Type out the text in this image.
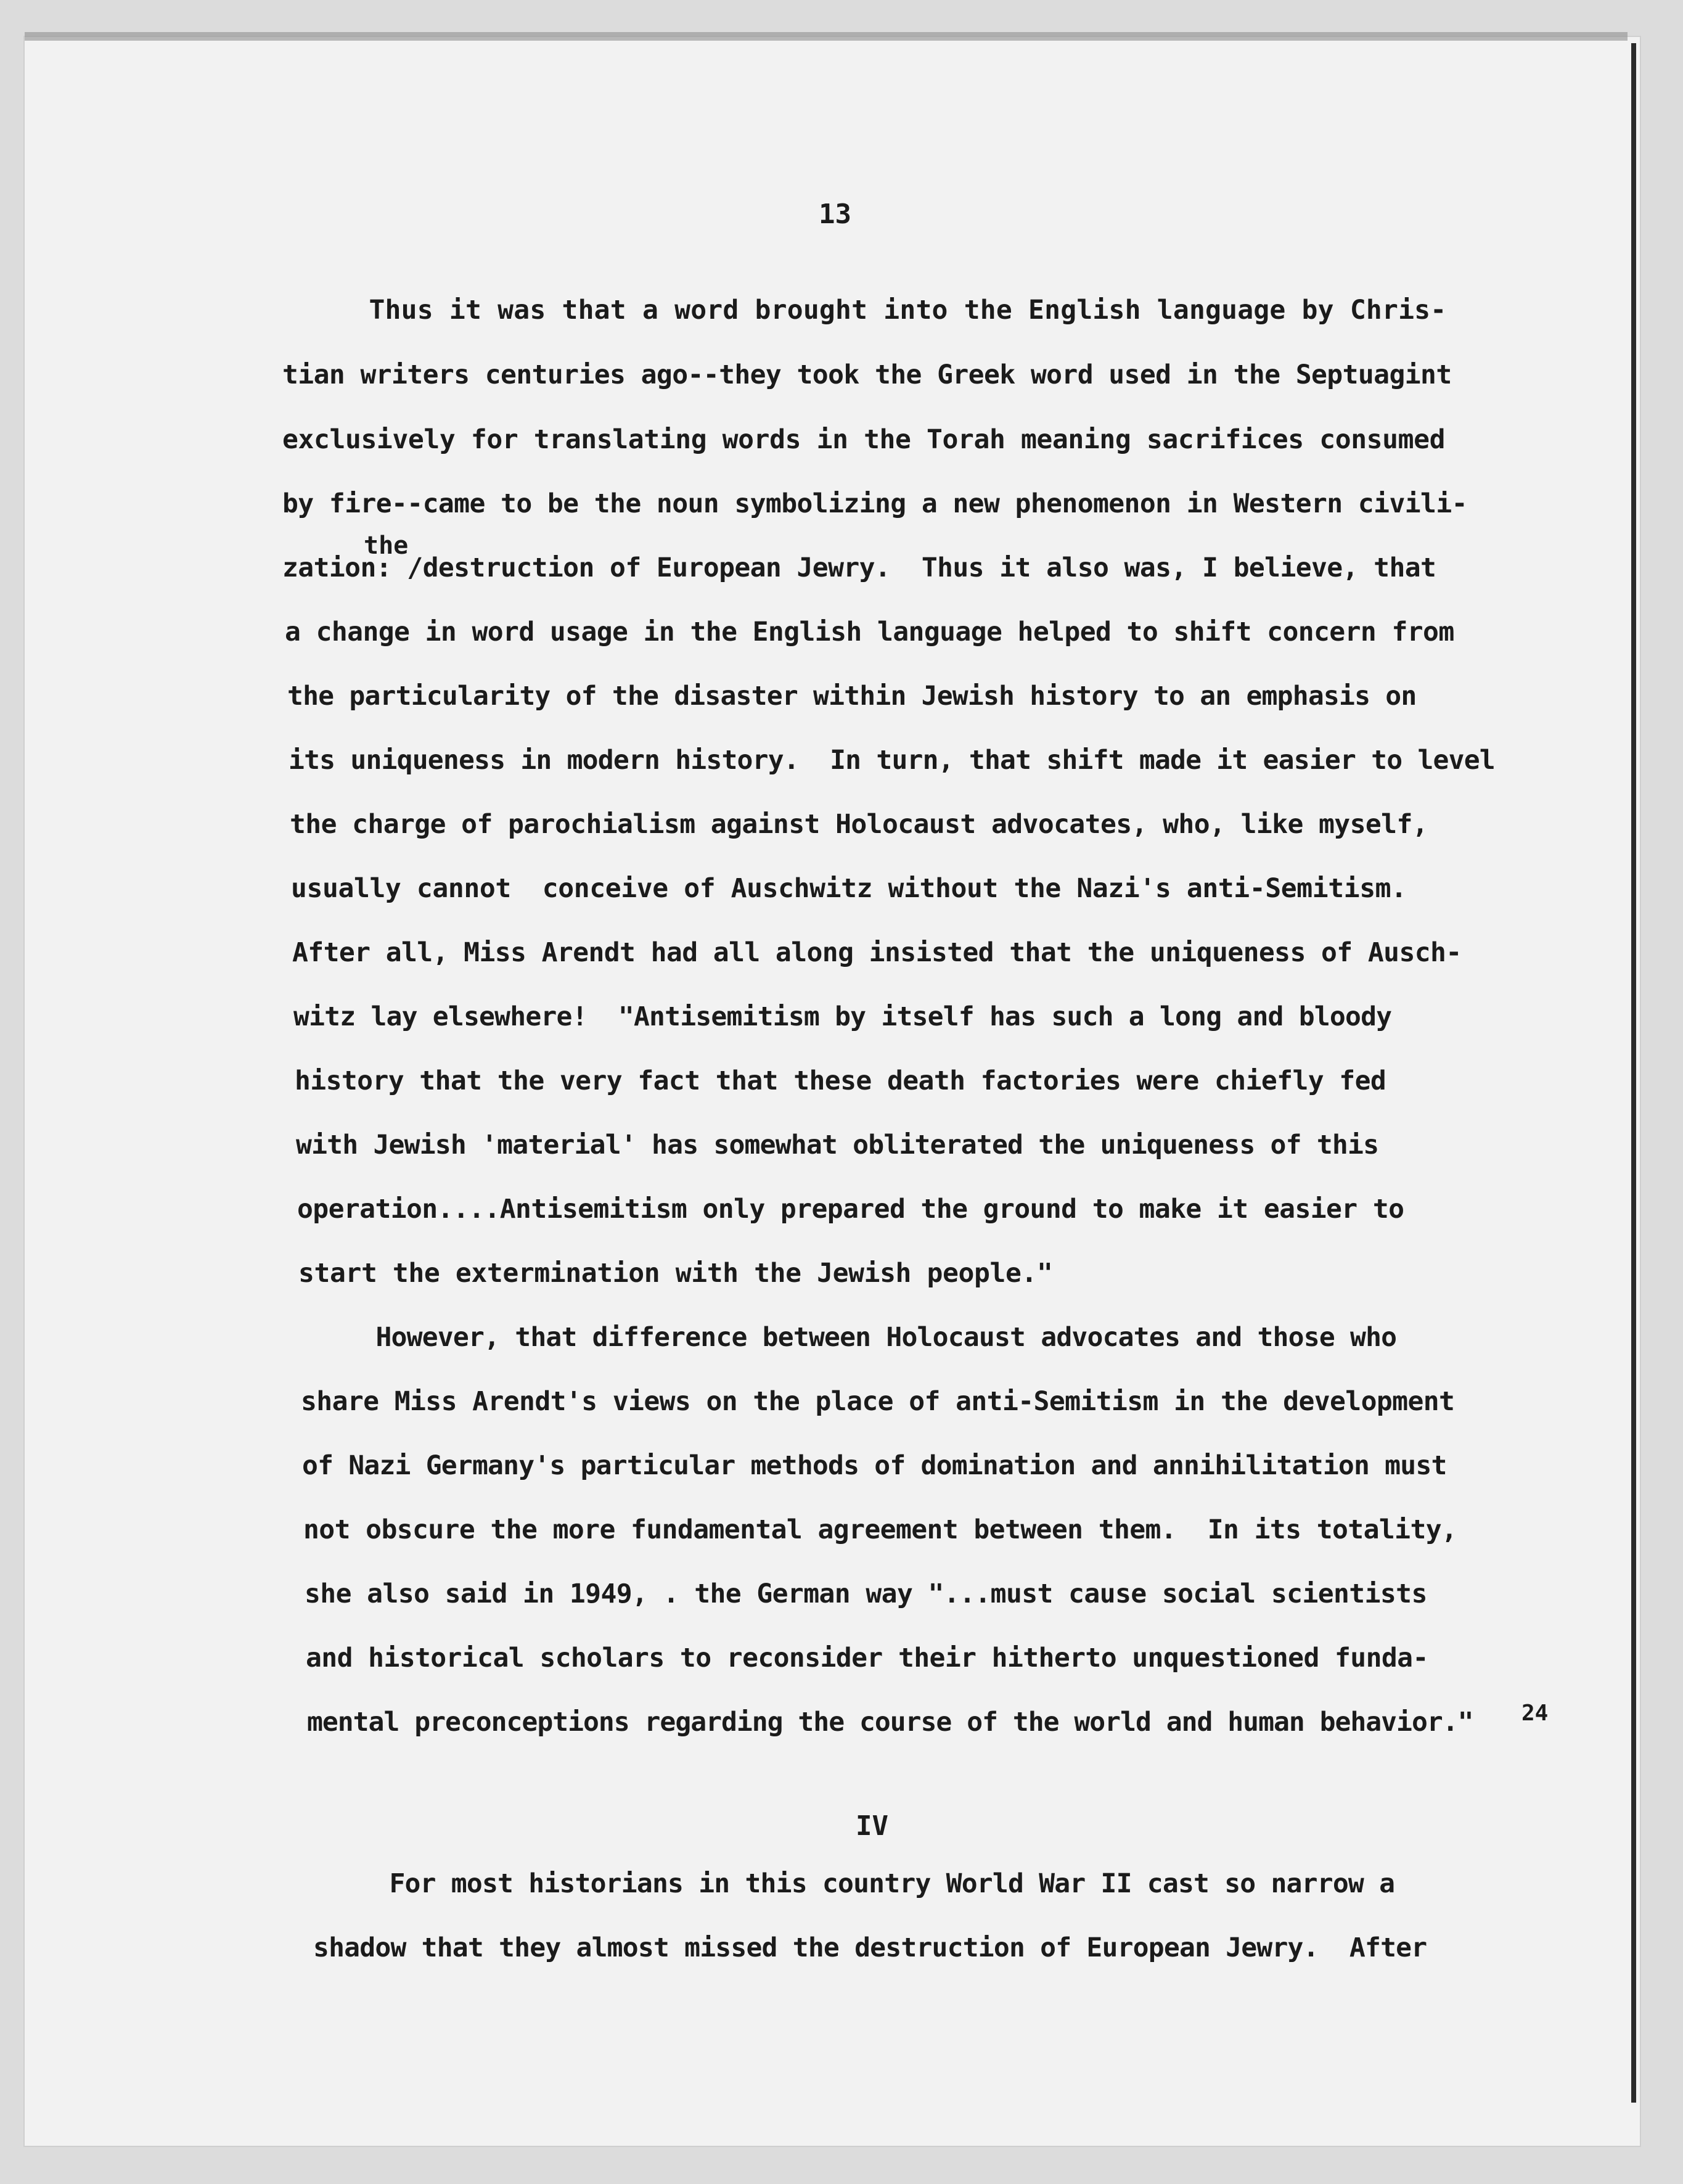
13
the
Thus it was that a word brought into the English language by Chris-
tian writers centuries ago--they took the Greek word used in the Septuagint
exclusively for translating words in the Torah meaning sacrifices consumed
by fire--came to be the noun symbolizing a new phenomenon in Western civili-
zation: /destruction of European Jewry.  Thus it also was, I believe, that
a change in word usage in the English language helped to shift concern from
the particularity of the disaster within Jewish history to an emphasis on
its uniqueness in modern history.  In turn, that shift made it easier to level
the charge of parochialism against Holocaust advocates, who, like myself,
usually cannot  conceive of Auschwitz without the Nazi's anti-Semitism.
After all, Miss Arendt had all along insisted that the uniqueness of Ausch-
witz lay elsewhere!  "Antisemitism by itself has such a long and bloody
history that the very fact that these death factories were chiefly fed
with Jewish 'material' has somewhat obliterated the uniqueness of this
operation....Antisemitism only prepared the ground to make it easier to
start the extermination with the Jewish people."
However, that difference between Holocaust advocates and those who
share Miss Arendt's views on the place of anti-Semitism in the development
of Nazi Germany's particular methods of domination and annihilitation must
not obscure the more fundamental agreement between them.  In its totality,
she also said in 1949, . the German way "...must cause social scientists
and historical scholars to reconsider their hitherto unquestioned funda-
mental preconceptions regarding the course of the world and human behavior." 24
IV
For most historians in this country World War II cast so narrow a
shadow that they almost missed the destruction of European Jewry.  After
